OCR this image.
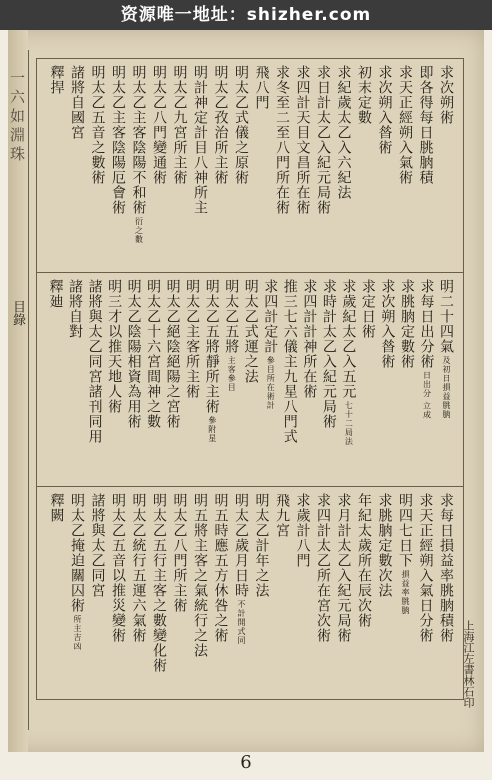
资源唯一地址：shizher.com
一六如淵珠
目錄
求次朔術
即各得每日朓朒積
求天正經朔入氣術
求次朔入㫺術
初末定數
求紀歲太乙入六紀法
求日計太乙入紀元局術
求四計天目文昌所在術
求冬至二至八門所在術
飛八門
明太乙式儀之原術
明太乙孜治所主術
明計神定計目八神所主
明太乙九宮所主術
明太乙八門變通術
明太乙主客陰陽不和術衍之數
明太乙主客陰陽厄會術
明太乙五音之數術
諸將自國宮
釋捍
明二十四氣及初日損益朓朒
求每日出分術日出分 立成
求朓朒定數術
求次朔入㫺術
求定日術
求歲紀太乙入五元七十二局法
求時計太乙入紀元局術
求四計計神所在術
推三七六儀主九星八門式
求四計定計參目所在術計
明太乙式運之法
明太乙五將主客參目
明太乙五將靜所主術參附星
明太乙主客所主術
明太乙絕陰絕陽之宮術
明太乙十六宮間神之數
明太乙陰陽相資為用術
明三才以推天地人術
諸將與太乙同宮諸刊同用
諸將自對
釋廸
求每日損益率朓朒積術
求天正經朔入氣日分術
明四七日下損益率朓朒
求朓朒定數次法
年紀太歲所在辰次術
求月計太乙入紀元局術
求四計太乙所在宮次術
求歲計八門
飛九宮
明太乙計年之法
明太乙歲月日時不計開式同
明五時應五方休咎之術
明五將主客之氣統行之法
明太乙八門所主術
明太乙五行主客之數變化術
明太乙統行五運六氣術
明太乙五音以推災變術
諸將與太乙同宮
明太乙掩迫關囚術所主吉凶
釋闕
上海江左書林石印
6
